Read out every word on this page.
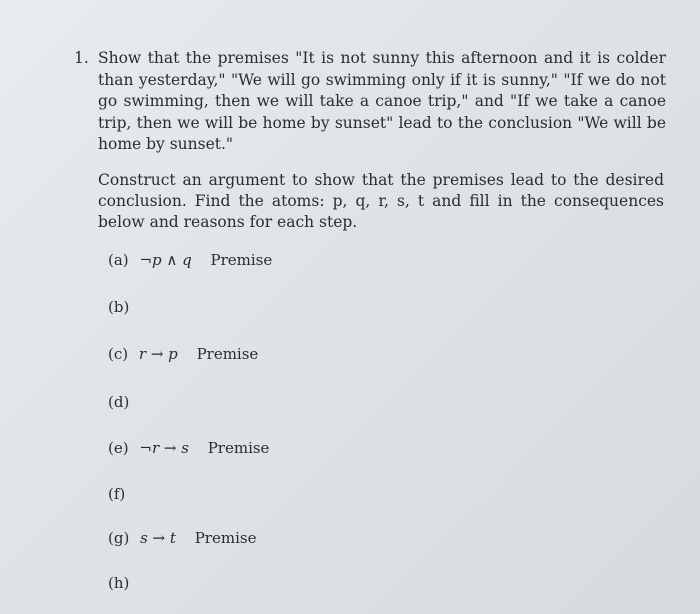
1. Show that the premises "It is not sunny this afternoon and it is colder than yesterday," "We will go swimming only if it is sunny," "If we do not go swimming, then we will take a canoe trip," and "If we take a canoe trip, then we will be home by sunset" lead to the conclusion "We will be home by sunset."
Construct an argument to show that the premises lead to the desired conclusion. Find the atoms: p, q, r, s, t and fill in the consequences below and reasons for each step.
(a) ¬p ∧ q Premise
(b)
(c) r → p Premise
(d)
(e) ¬r → s Premise
(f)
(g) s → t Premise
(h)
